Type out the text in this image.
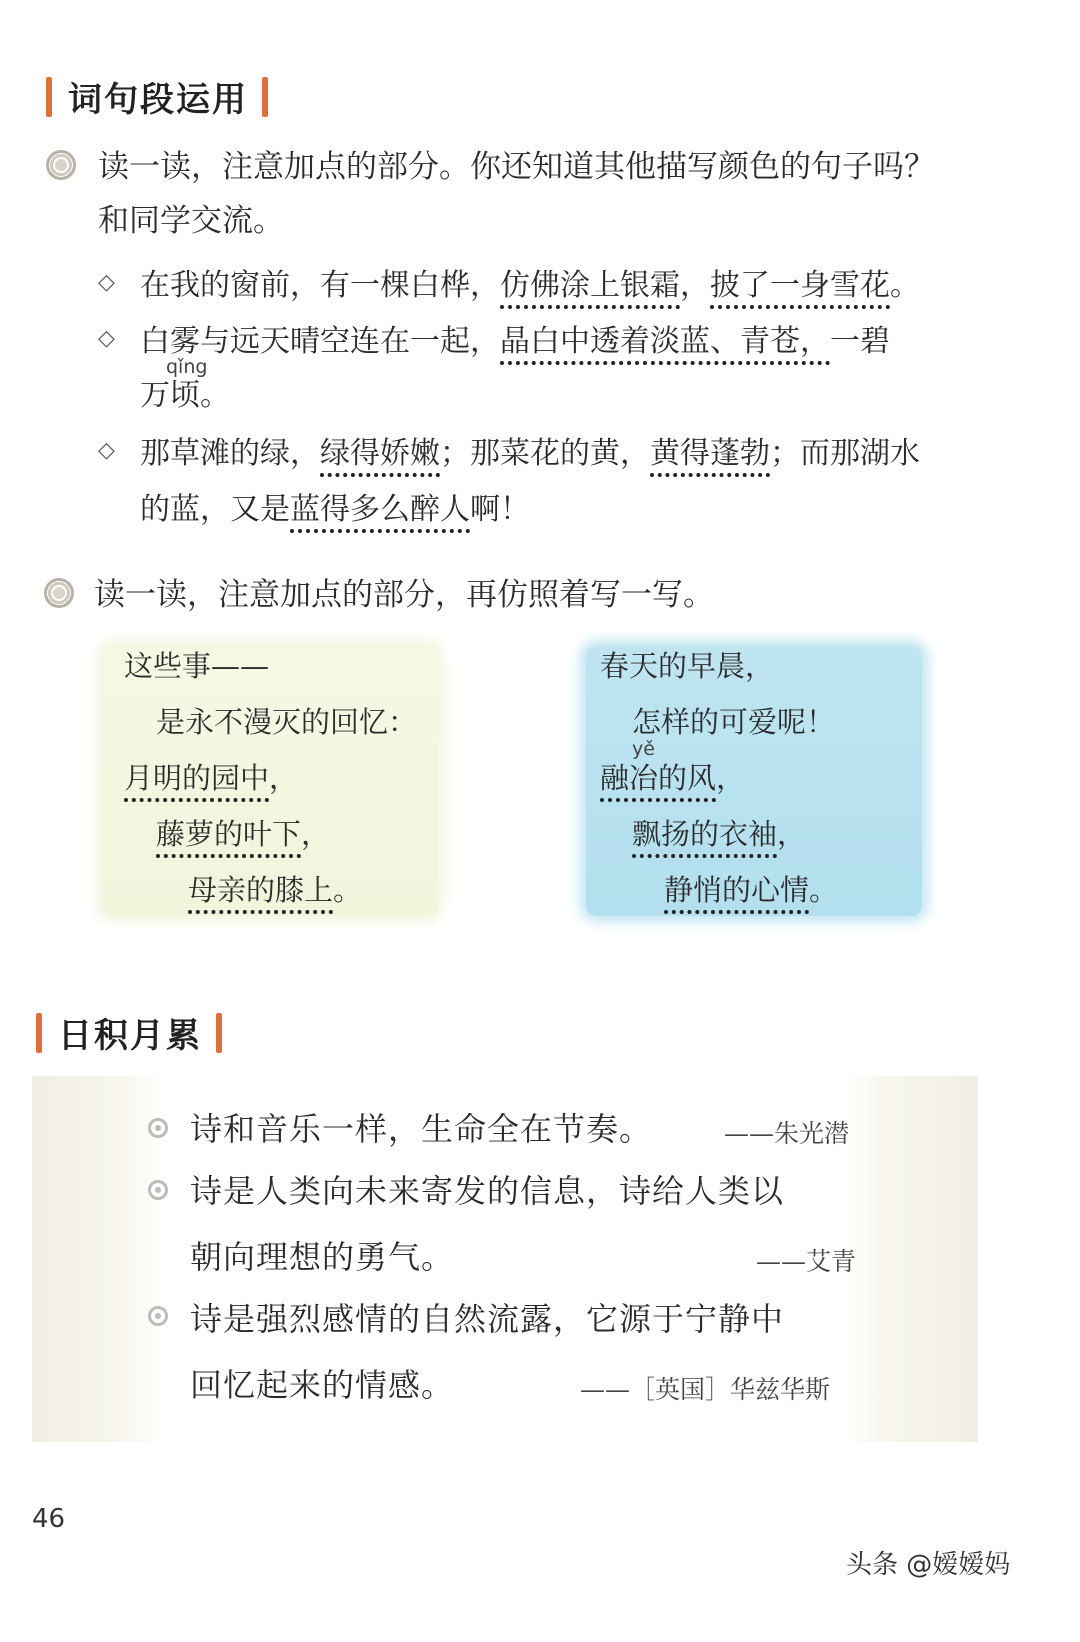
词句段运用
读一读，注意加点的部分。你还知道其他描写颜色的句子吗？
和同学交流。
◇ 在我的窗前，有一棵白桦，仿佛涂上银霜，披了一身雪花。
◇ 白雾与远天晴空连在一起，晶白中透着淡蓝、青苍，一碧
qǐng
万顷。
◇ 那草滩的绿，绿得娇嫩；那菜花的黄，黄得蓬勃；而那湖水
的蓝，又是蓝得多么醉人啊！
读一读，注意加点的部分，再仿照着写一写。
这些事——
是永不漫灭的回忆：
月明的园中，
藤萝的叶下，
母亲的膝上。
春天的早晨，
怎样的可爱呢！
yě
融冶的风，
飘扬的衣袖，
静悄的心情。
日积月累
诗和音乐一样，生命全在节奏。	——朱光潜
诗是人类向未来寄发的信息，诗给人类以
朝向理想的勇气。	——艾青
诗是强烈感情的自然流露，它源于宁静中
回忆起来的情感。	——［英国］华兹华斯
46
头条 @嫒嫒妈
